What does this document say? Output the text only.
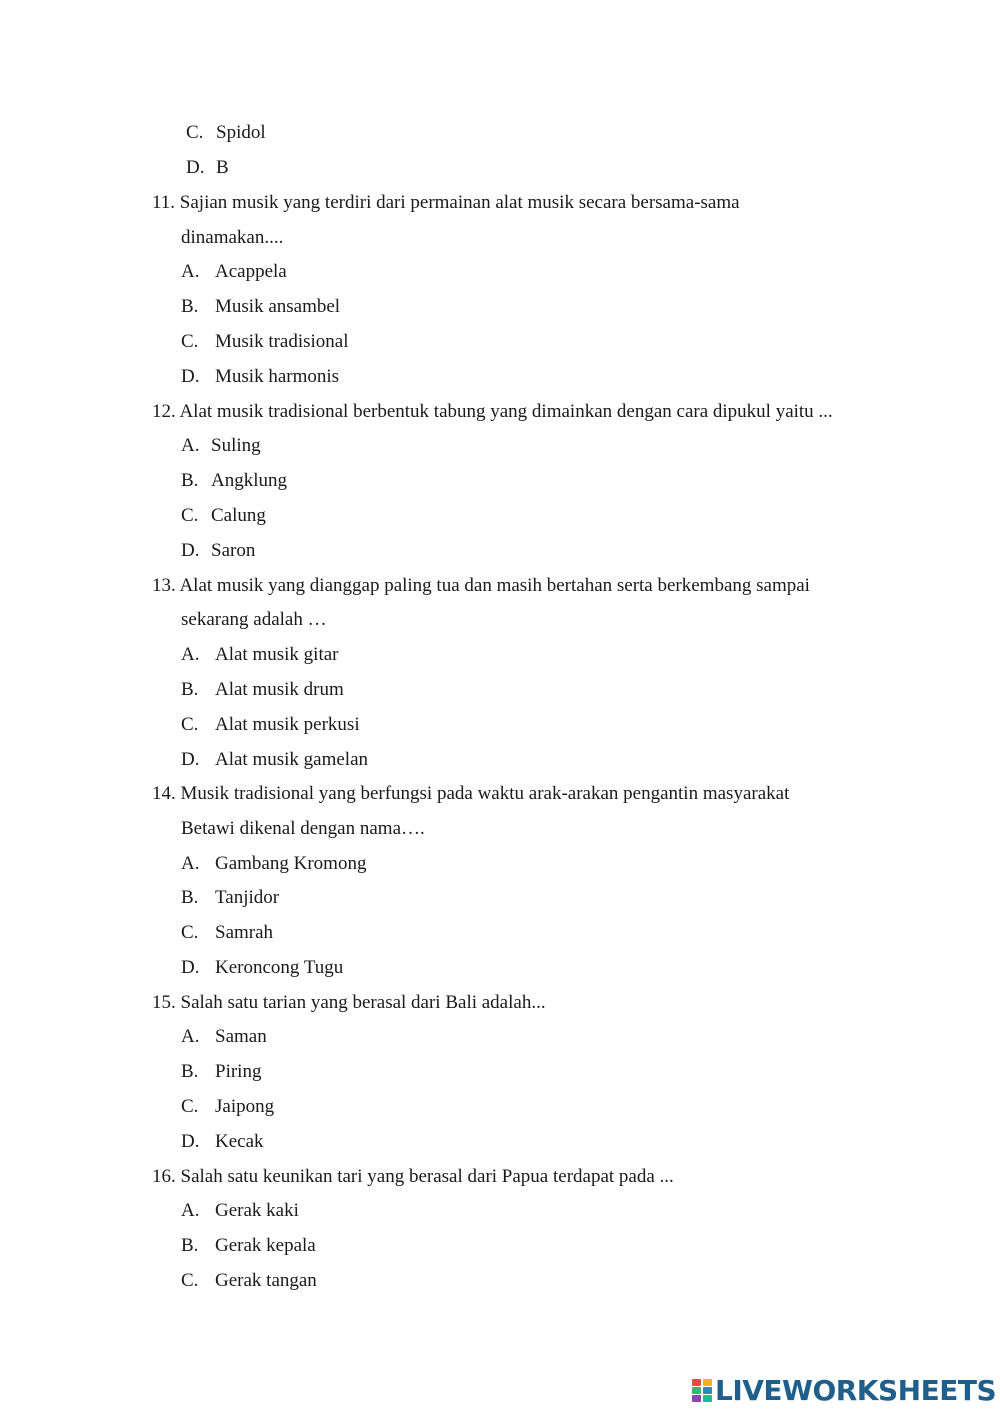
C. Spidol
D. B
11. Sajian musik yang terdiri dari permainan alat musik secara bersama-sama
dinamakan....
A. Acappela
B. Musik ansambel
C. Musik tradisional
D. Musik harmonis
12. Alat musik tradisional berbentuk tabung yang dimainkan dengan cara dipukul yaitu ...
A. Suling
B. Angklung
C. Calung
D. Saron
13. Alat musik yang dianggap paling tua dan masih bertahan serta berkembang sampai
sekarang adalah …
A. Alat musik gitar
B. Alat musik drum
C. Alat musik perkusi
D. Alat musik gamelan
14. Musik tradisional yang berfungsi pada waktu arak-arakan pengantin masyarakat
Betawi dikenal dengan nama….
A. Gambang Kromong
B. Tanjidor
C. Samrah
D. Keroncong Tugu
15. Salah satu tarian yang berasal dari Bali adalah...
A. Saman
B. Piring
C. Jaipong
D. Kecak
16. Salah satu keunikan tari yang berasal dari Papua terdapat pada ...
A. Gerak kaki
B. Gerak kepala
C. Gerak tangan
LIVEWORKSHEETS
